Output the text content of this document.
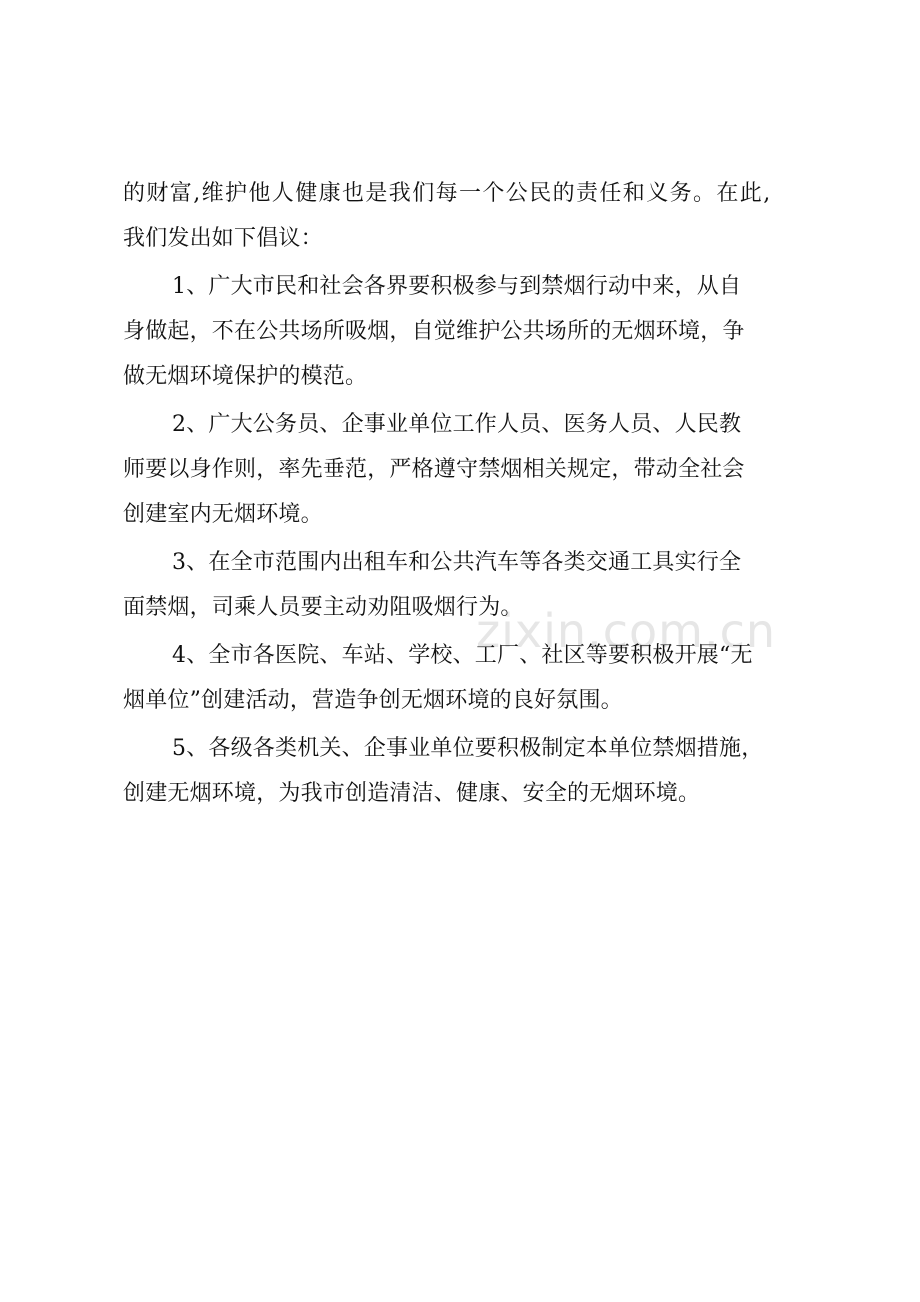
zixin.com.cn
的财富,维护他人健康也是我们每一个公民的责任和义务。在此,
我们发出如下倡议：
1、广大市民和社会各界要积极参与到禁烟行动中来，从自
身做起，不在公共场所吸烟，自觉维护公共场所的无烟环境，争
做无烟环境保护的模范。
2、广大公务员、企事业单位工作人员、医务人员、人民教
师要以身作则，率先垂范，严格遵守禁烟相关规定，带动全社会
创建室内无烟环境。
3、在全市范围内出租车和公共汽车等各类交通工具实行全
面禁烟，司乘人员要主动劝阻吸烟行为。
4、全市各医院、车站、学校、工厂、社区等要积极开展“无
烟单位”创建活动，营造争创无烟环境的良好氛围。
5、各级各类机关、企事业单位要积极制定本单位禁烟措施，
创建无烟环境，为我市创造清洁、健康、安全的无烟环境。
